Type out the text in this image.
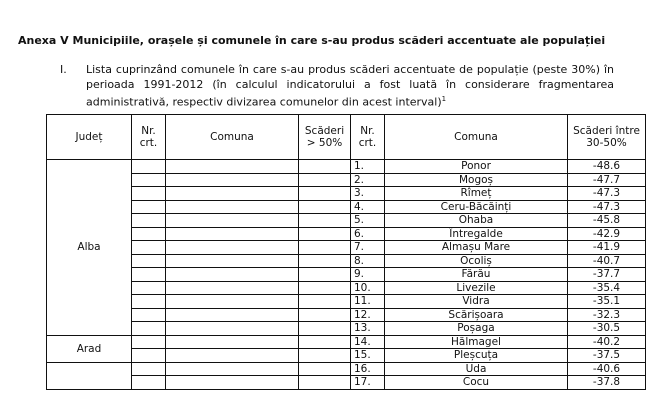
Anexa V Municipiile, orașele și comunele în care s-au produs scăderi accentuate ale populației
I. Lista cuprinzând comunele în care s-au produs scăderi accentuate de populație (peste 30%) în perioada 1991-2012 (în calculul indicatorului a fost luată în considerare fragmentarea administrativă, respectiv divizarea comunelor din acest interval)$^1$
Județ	Nr. crt.	Comuna	Scăderi > 50%	Nr. crt.	Comuna	Scăderi între 30-50%
Alba				1.	Ponor	-48.6
				2.	Mogoș	-47.7
				3.	Rîmeț	-47.3
				4.	Ceru-Băcăinți	-47.3
				5.	Ohaba	-45.8
				6.	Întregalde	-42.9
				7.	Almașu Mare	-41.9
				8.	Ocoliș	-40.7
				9.	Fărău	-37.7
				10.	Livezile	-35.4
				11.	Vidra	-35.1
				12.	Scărișoara	-32.3
				13.	Poșaga	-30.5
Arad				14.	Hălmagel	-40.2
				15.	Pleșcuța	-37.5
				16.	Uda	-40.6
				17.	Cocu	-37.8
